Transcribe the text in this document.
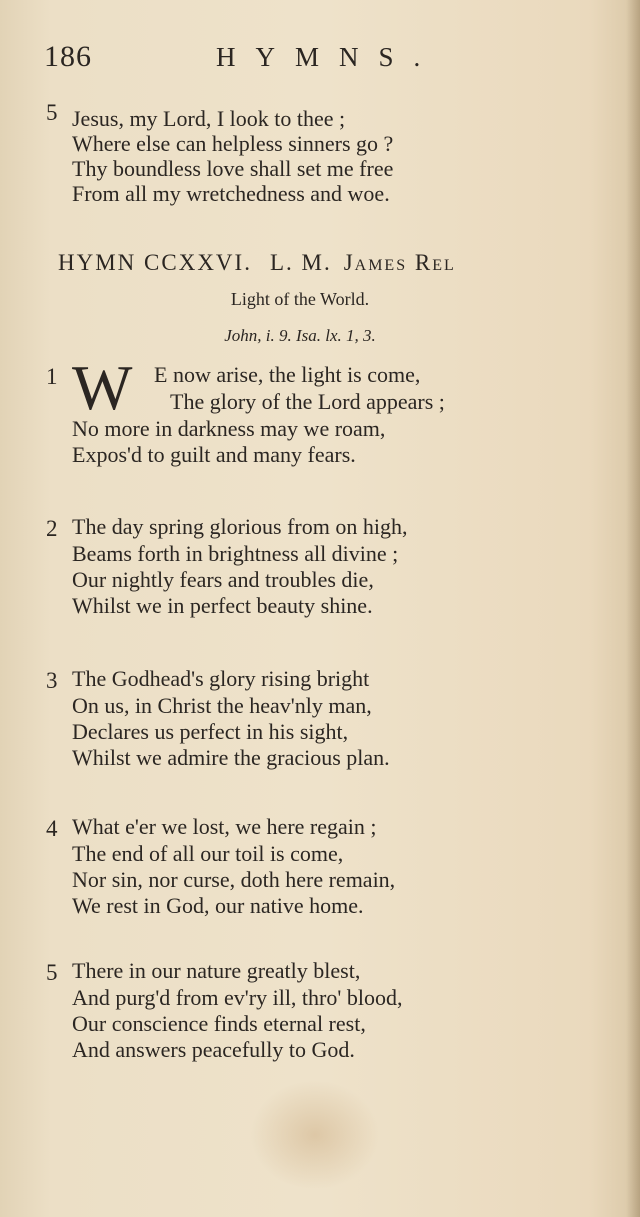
186	HYMNS.
5 Jesus, my Lord, I look to thee ;
Where else can helpless sinners go ?
Thy boundless love shall set me free
From all my wretchedness and woe.
HYMN CCXXVI. L. M. James Rel
Light of the World.
John, i. 9. Isa. lx. 1, 3.
1 W E now arise, the light is come,
The glory of the Lord appears ;
No more in darkness may we roam,
Expos'd to guilt and many fears.
2 The day spring glorious from on high,
Beams forth in brightness all divine ;
Our nightly fears and troubles die,
Whilst we in perfect beauty shine.
3 The Godhead's glory rising bright
On us, in Christ the heav'nly man,
Declares us perfect in his sight,
Whilst we admire the gracious plan.
4 What e'er we lost, we here regain ;
The end of all our toil is come,
Nor sin, nor curse, doth here remain,
We rest in God, our native home.
5 There in our nature greatly blest,
And purg'd from ev'ry ill, thro' blood,
Our conscience finds eternal rest,
And answers peacefully to God.
